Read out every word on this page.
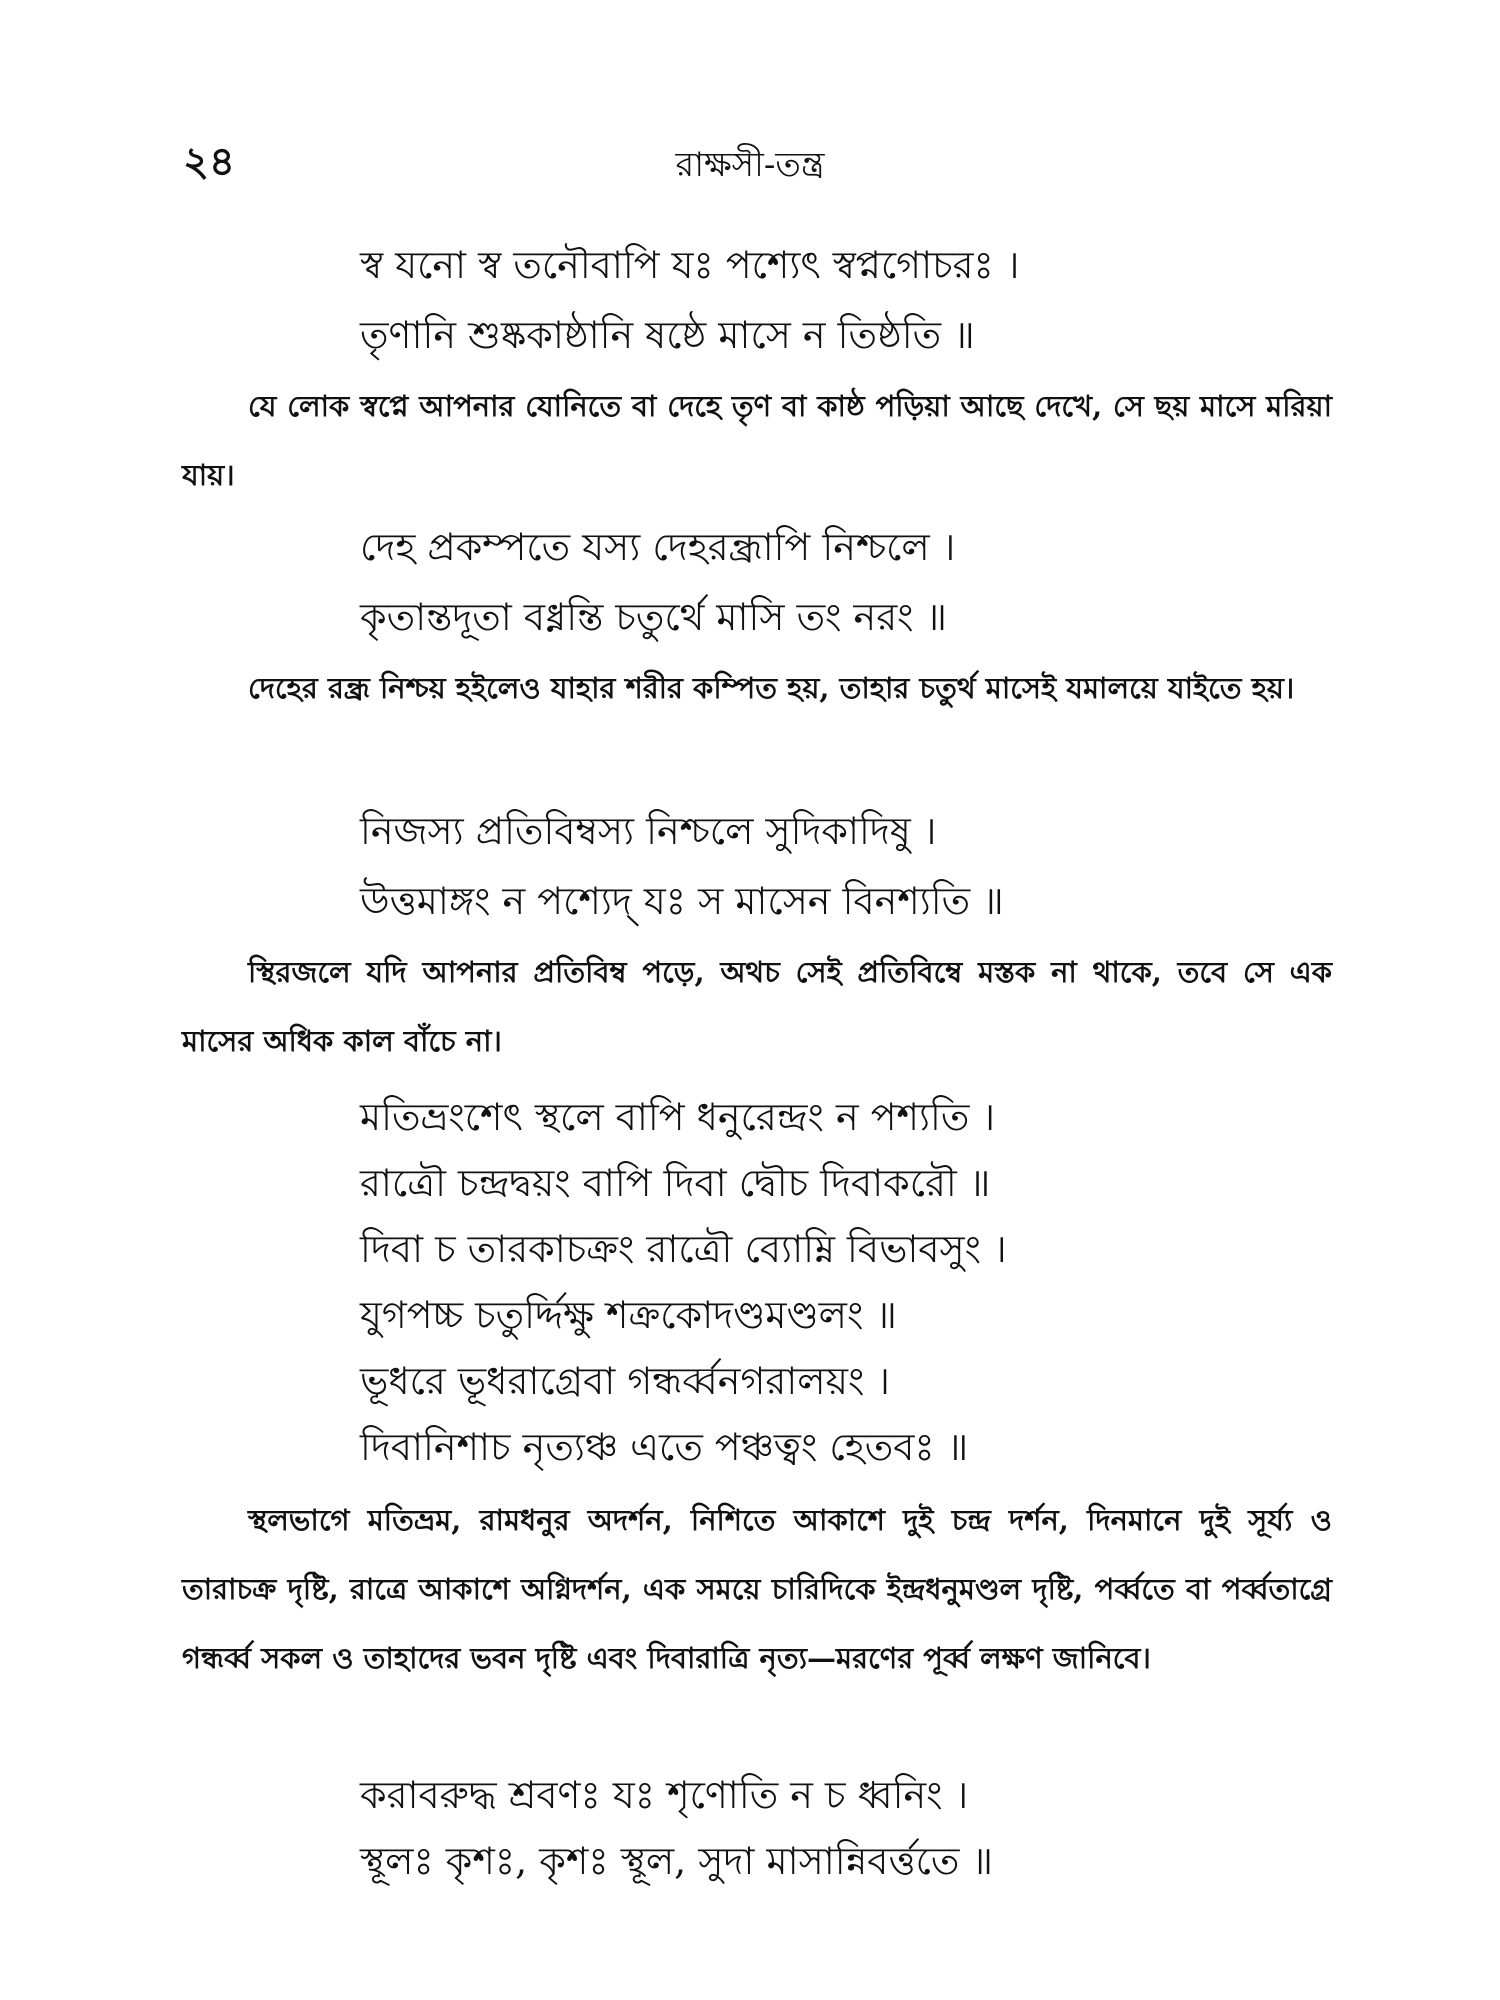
২৪	রাক্ষসী-তন্ত্র
স্ব যনো স্ব তনৌবাপি যঃ পশ্যেৎ স্বপ্নগোচরঃ ।
তৃণানি শুষ্ককাষ্ঠানি ষষ্ঠে মাসে ন তিষ্ঠতি ॥
যে লোক স্বপ্নে আপনার যোনিতে বা দেহে তৃণ বা কাষ্ঠ পড়িয়া আছে দেখে, সে ছয় মাসে মরিয়া যায়।
দেহ প্রকম্পতে যস্য দেহরন্ধ্রাপি নিশ্চলে ।
কৃতান্তদূতা বধ্নন্তি চতুর্থে মাসি তং নরং ॥
দেহের রন্ধ্র নিশ্চয় হইলেও যাহার শরীর কম্পিত হয়, তাহার চতুর্থ মাসেই যমালয়ে যাইতে হয়।
নিজস্য প্রতিবিম্বস্য নিশ্চলে সুদিকাদিষু ।
উত্তমাঙ্গং ন পশ্যেদ্ যঃ স মাসেন বিনশ্যতি ॥
স্থিরজলে যদি আপনার প্রতিবিম্ব পড়ে, অথচ সেই প্রতিবিম্বে মস্তক না থাকে, তবে সে এক মাসের অধিক কাল বাঁচে না।
মতিভ্রংশেৎ স্থলে বাপি ধনুরেন্দ্রং ন পশ্যতি ।
রাত্রৌ চন্দ্রদ্বয়ং বাপি দিবা দ্বৌচ দিবাকরৌ ॥
দিবা চ তারকাচক্রং রাত্রৌ ব্যোম্নি বিভাবসুং ।
যুগপচ্চ চতুর্দ্দিক্ষু শক্রকোদণ্ডমণ্ডলং ॥
ভূধরে ভূধরাগ্রেবা গন্ধর্ব্বনগরালয়ং ।
দিবানিশাচ নৃত্যঞ্চ এতে পঞ্চত্বং হেতবঃ ॥
স্থলভাগে মতিভ্রম, রামধনুর অদর্শন, নিশিতে আকাশে দুই চন্দ্র দর্শন, দিনমানে দুই সূর্য্য ও তারাচক্র দৃষ্টি, রাত্রে আকাশে অগ্নিদর্শন, এক সময়ে চারিদিকে ইন্দ্রধনুমণ্ডল দৃষ্টি, পর্ব্বতে বা পর্ব্বতাগ্রে গন্ধর্ব্ব সকল ও তাহাদের ভবন দৃষ্টি এবং দিবারাত্রি নৃত্য—মরণের পূর্ব্ব লক্ষণ জানিবে।
করাবরুদ্ধ শ্রবণঃ যঃ শৃণোতি ন চ ধ্বনিং ।
স্থূলঃ কৃশঃ, কৃশঃ স্থূল, সুদা মাসান্নিবর্ত্ততে ॥
